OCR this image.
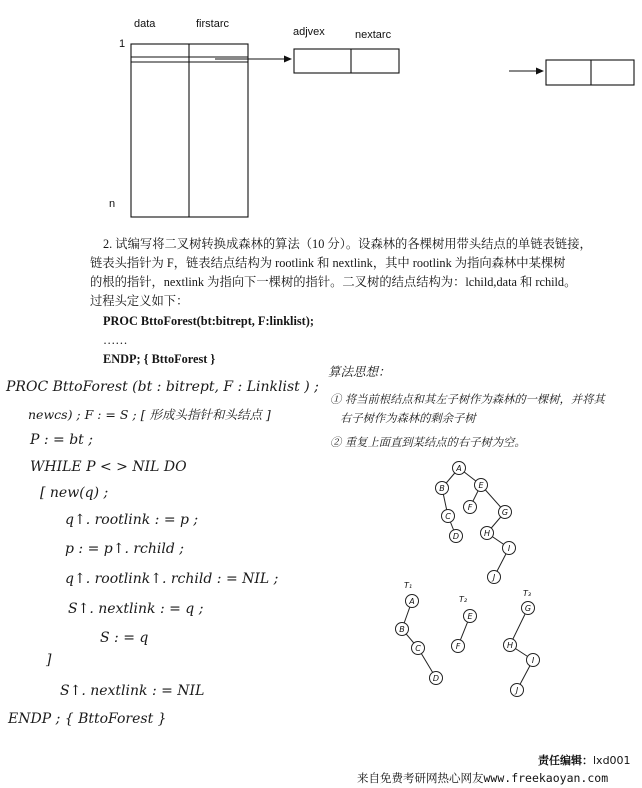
data	firstarc
adjvex	nextarc
1
n
2. 试编写将二叉树转换成森林的算法（10 分）。设森林的各棵树用带头结点的单链表链接，
链表头指针为 F，链表结点结构为 rootlink 和 nextlink，其中 rootlink 为指向森林中某棵树
的根的指针，nextlink 为指向下一棵树的指针。二叉树的结点结构为：lchild,data 和 rchild。
过程头定义如下：
PROC BttoForest(bt:bitrept, F:linklist);
……
ENDP; { BttoForest }
PROC BttoForest (bt : bitrept, F : Linklist ) ;
newcs) ; F : = S ; [ 形成头指针和头结点 ]
P : = bt ;
WHILE P < > NIL DO
[ new(q) ;
q↑. rootlink : = p ;
p : = p↑. rchild ;
q↑. rootlink↑. rchild : = NIL ;
S↑. nextlink : = q ;
S : = q
]
S↑. nextlink : = NIL
ENDP ; { BttoForest }
算法思想：
① 将当前根结点和其左子树作为森林的一棵树，并将其
右子树作为森林的剩余子树
② 重复上面直到某结点的右子树为空。
A
B	E
C
F
G
D	H
I
J
T₁
T₂
T₃
A
B
C
D
E
F
G
H
I
J
责任编辑：lxd001
来自免费考研网热心网友www.freekaoyan.com
